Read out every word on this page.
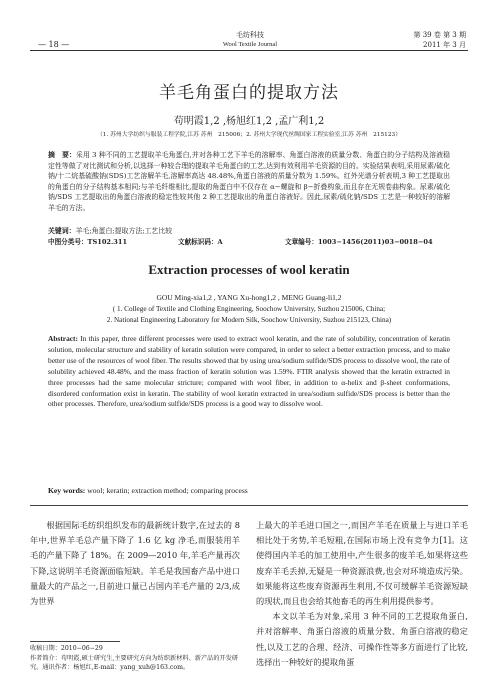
— 18 —
毛纺科技
Wool Textile Journal
第 39 卷 第 3 期
2011 年 3 月
羊毛角蛋白的提取方法
苟明霞1,2 ,杨旭红1,2 ,孟广利1,2
（1. 苏州大学纺织与服装工程学院,江苏 苏州　215006；2. 苏州大学现代丝绸国家工程实验室,江苏 苏州　215123）
摘　要：采用 3 种不同的工艺提取羊毛角蛋白,并对各种工艺下羊毛的溶解率、角蛋白溶液的质量分数、角蛋白的分子结构及溶液稳定性等做了对比测试和分析,以选择一种较合理的提取羊毛角蛋白的工艺,达到有效利用羊毛资源的目的。实验结果表明,采用尿素/硫化钠/十二烷基硫酸钠(SDS)工艺溶解羊毛,溶解率高达 48.48%,角蛋白溶液的质量分数为 1.59%。红外光谱分析表明,3 种工艺提取出的角蛋白的分子结构基本相同;与羊毛纤维相比,提取的角蛋白中不仅存在 α−螺旋和 β−折叠构象,而且存在无规卷曲构象。尿素/硫化钠/SDS 工艺提取出的角蛋白溶液的稳定性较其他 2 种工艺提取出的角蛋白溶液好。因此,尿素/硫化钠/SDS 工艺是一种较好的溶解羊毛的方法。
关键词：羊毛;角蛋白;提取方法;工艺比较
中图分类号：TS102.311	文献标识码：A	文章编号：1003−1456(2011)03−0018−04
Extraction processes of wool keratin
GOU Ming-xia1,2 , YANG Xu-hong1,2 , MENG Guang-li1,2
( 1. College of Textile and Clothing Engineering, Soochow University, Suzhou 215006, China;
2. National Engineering Laboratory for Modern Silk, Soochow University, Suzhou 215123, China)
Abstract: In this paper, three different processes were used to extract wool keratin, and the rate of solubility, concentration of keratin solution, molecular structure and stability of keratin solution were compared, in order to select a better extraction process, and to make better use of the resources of wool fiber. The results showed that by using urea/sodium sulfide/SDS process to dissolve wool, the rate of solubility achieved 48.48%, and the mass fraction of keratin solution was 1.59%. FTIR analysis showed that the keratin extracted in three processes had the same molecular stricture; compared with wool fiber, in addition to α-helix and β-sheet conformations, disordered conformation exist in keratin. The stability of wool keratin extracted in urea/sodium sulfide/SDS process is better than the other processes. Therefore, urea/sodium sulfide/SDS process is a good way to dissolve wool.
Key words: wool; keratin; extraction method; comparing process
根据国际毛纺织组织发布的最新统计数字,在过去的 8 年中,世界羊毛总产量下降了 1.6 亿 kg 净毛,而服装用羊毛的产量下降了 18%。在 2009—2010 年,羊毛产量再次下降,这说明羊毛资源面临短缺。羊毛是我国畜产品中进口量最大的产品之一,目前进口量已占国内羊毛产量的 2/3,成为世界
收稿日期：2010−06−29
作者简介：苟明霞,硕士研究生,主要研究方向为纺织新材料、新产品的开发研究。通讯作者：杨旭红,E-mail：yang_xuh@163.com。
上最大的羊毛进口国之一,而国产羊毛在质量上与进口羊毛相比处于劣势,羊毛短粗,在国际市场上没有竞争力[1]。这使得国内羊毛的加工使用中,产生很多的废羊毛,如果将这些废弃羊毛丢掉,无疑是一种资源浪费,也会对环境造成污染。如果能将这些废弃资源再生利用,不仅可缓解羊毛资源短缺的现状,而且也会给其他畜毛的再生利用提供参考。
本文以羊毛为对象,采用 3 种不同的工艺提取角蛋白,并对溶解率、角蛋白溶液的质量分数、角蛋白溶液的稳定性,以及工艺的合理、经济、可操作性等多方面进行了比较,选择出一种较好的提取角蛋
